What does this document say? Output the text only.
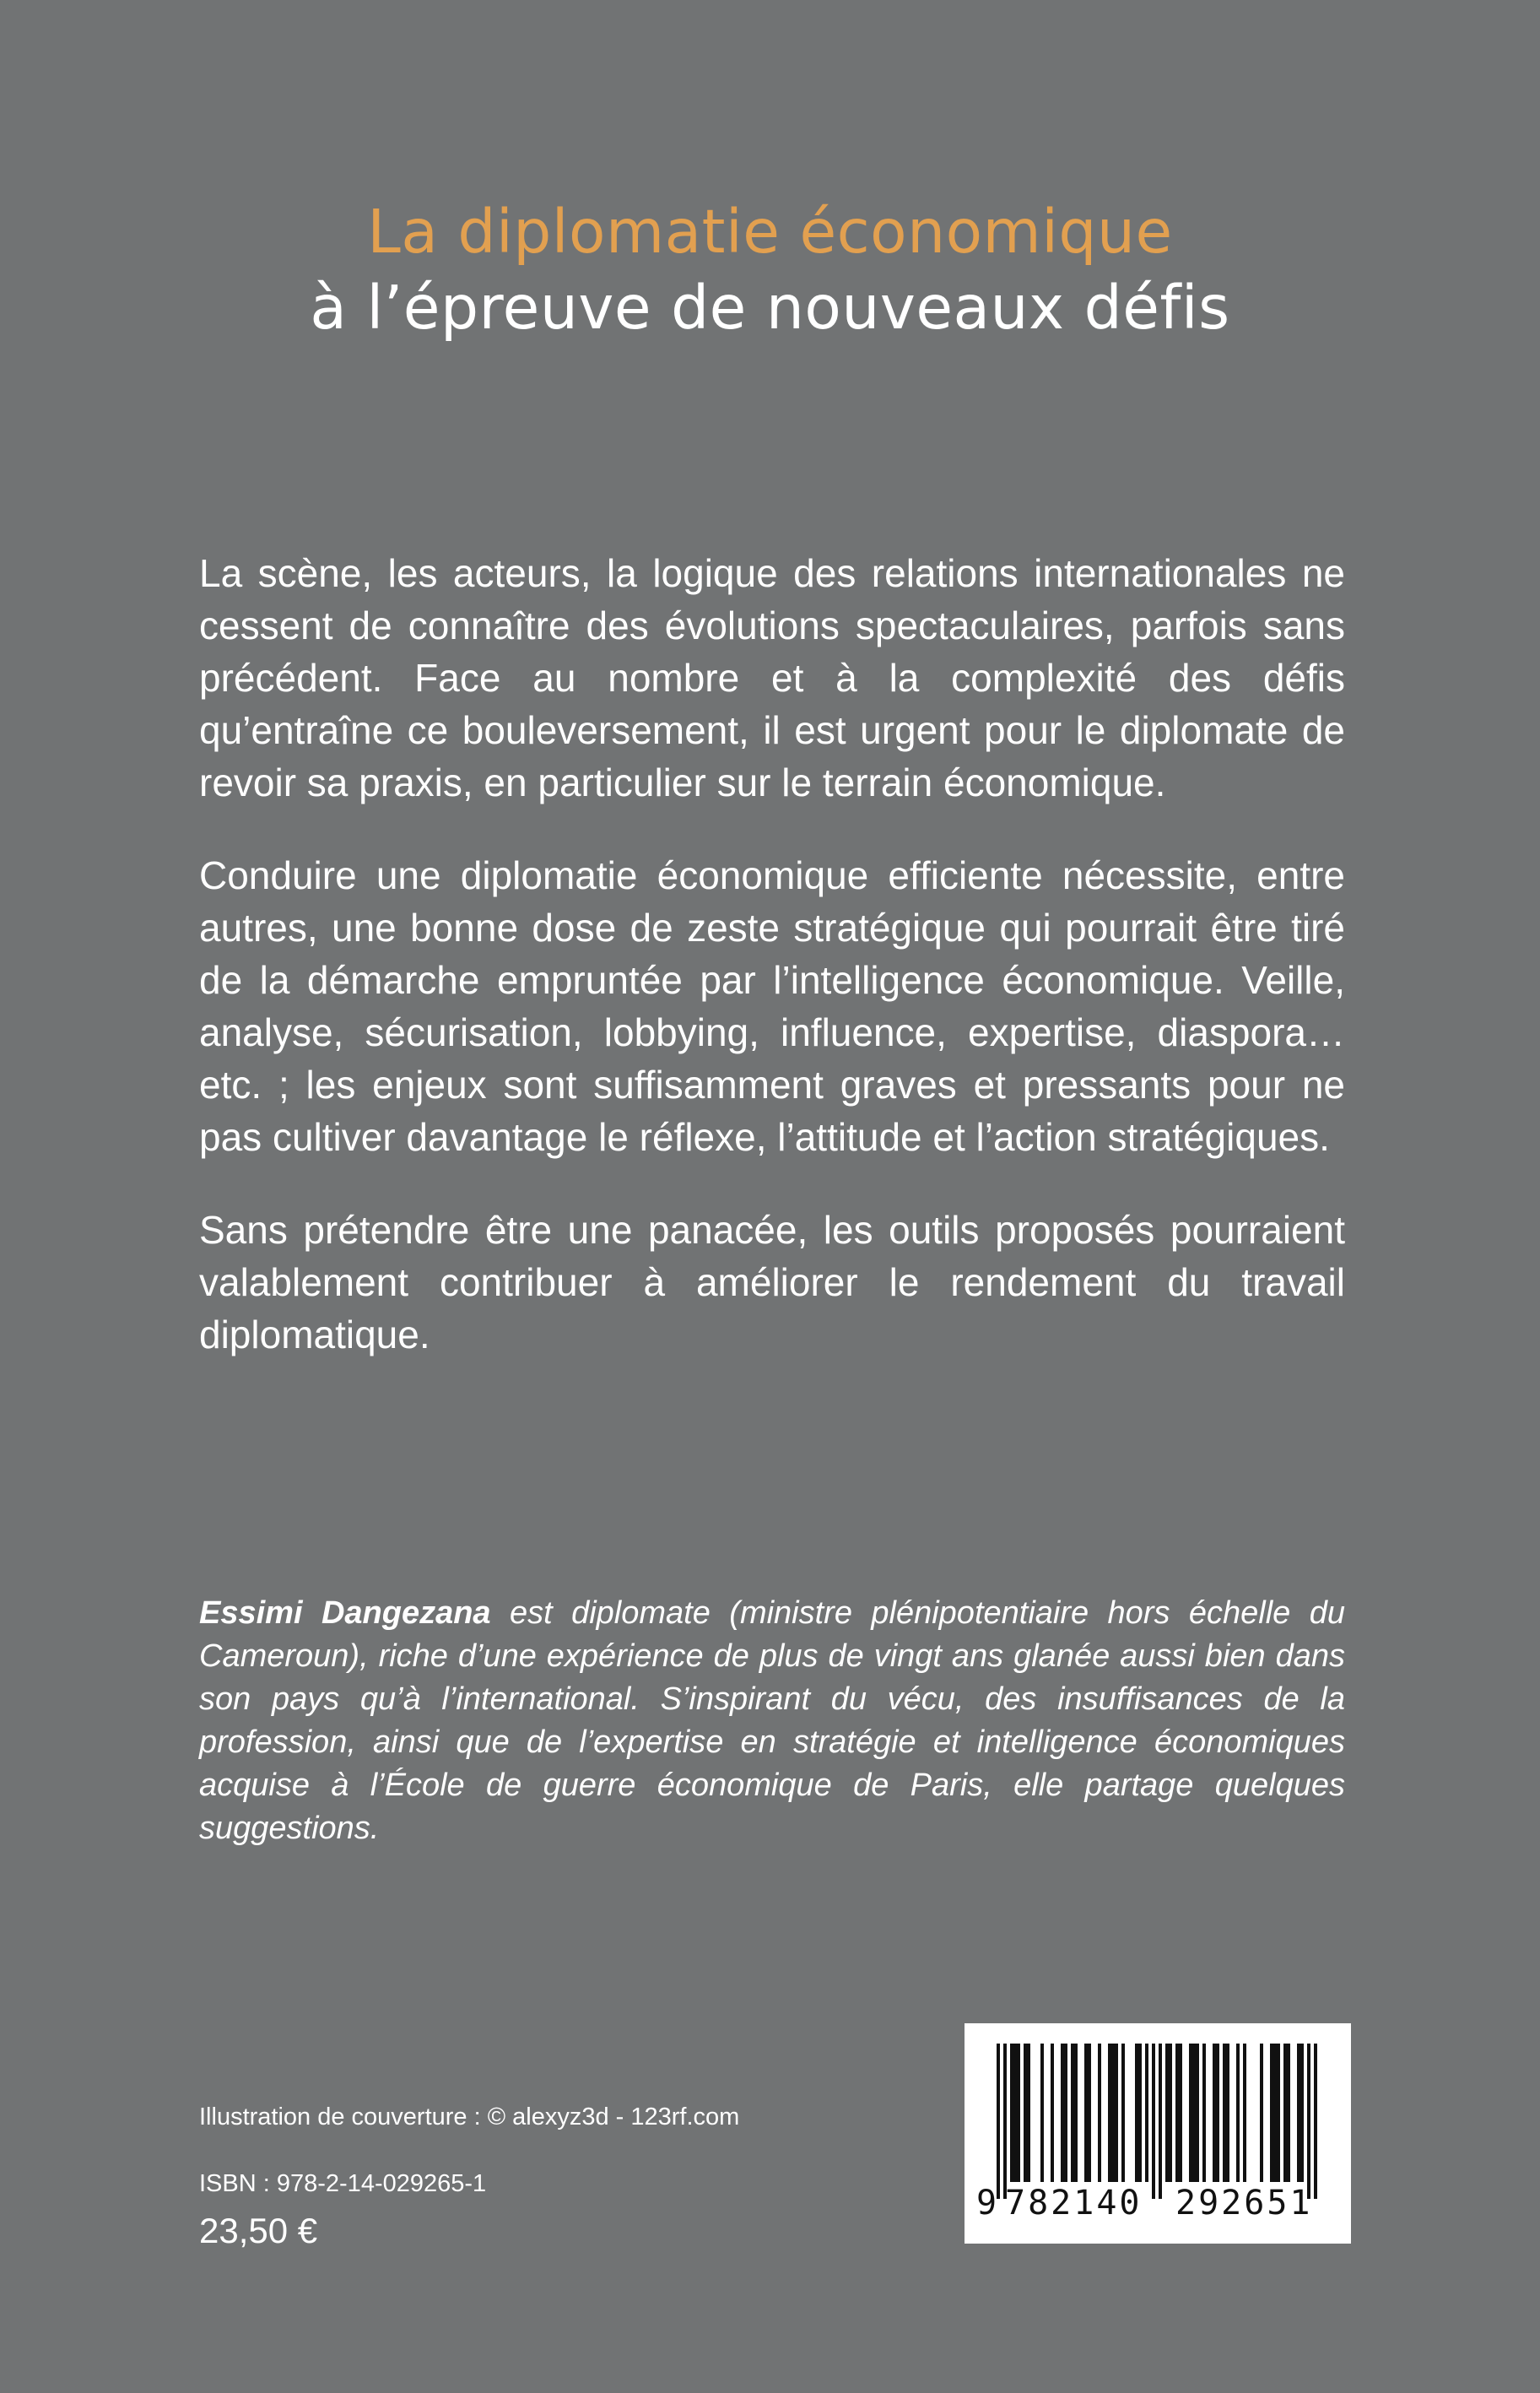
La diplomatie économique
à l’épreuve de nouveaux défis

La scène, les acteurs, la logique des relations internationales ne cessent de connaître des évolutions spectaculaires, parfois sans précédent. Face au nombre et à la complexité des défis qu’entraîne ce bouleversement, il est urgent pour le diplomate de revoir sa praxis, en particulier sur le terrain économique.

Conduire une diplomatie économique efficiente nécessite, entre autres, une bonne dose de zeste stratégique qui pourrait être tiré de la démarche empruntée par l’intelligence économique. Veille, analyse, sécurisation, lobbying, influence, expertise, diaspora… etc. ; les enjeux sont suffisamment graves et pressants pour ne pas cultiver davantage le réflexe, l’attitude et l’action stratégiques.

Sans prétendre être une panacée, les outils proposés pourraient valablement contribuer à améliorer le rendement du travail diplomatique.

Essimi Dangezana est diplomate (ministre plénipotentiaire hors échelle du Cameroun), riche d’une expérience de plus de vingt ans glanée aussi bien dans son pays qu’à l’international. S’inspirant du vécu, des insuffisances de la profession, ainsi que de l’expertise en stratégie et intelligence économiques acquise à l’École de guerre économique de Paris, elle partage quelques suggestions.

Illustration de couverture : © alexyz3d - 123rf.com

ISBN : 978-2-14-029265-1

23,50 €

9 782140 292651
